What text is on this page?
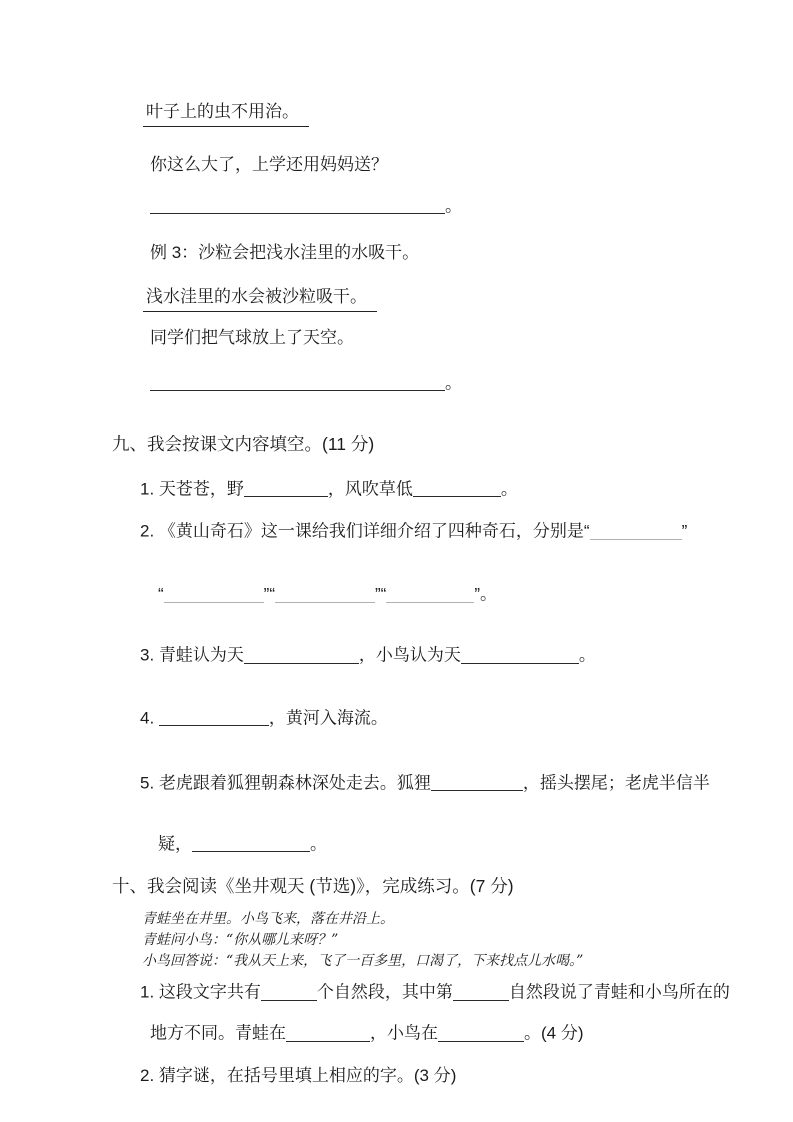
叶子上的虫不用治。

你这么大了，上学还用妈妈送？

。

例 3：沙粒会把浅水洼里的水吸干。

浅水洼里的水会被沙粒吸干。

同学们把气球放上了天空。

。

九、我会按课文内容填空。(11 分)

1. 天苍苍，野	，风吹草低	。

2. 《黄山奇石》这一课给我们详细介绍了四种奇石，分别是“	”

“	”“	”“	”。

3. 青蛙认为天	，小鸟认为天	。

4.	，黄河入海流。

5. 老虎跟着狐狸朝森林深处走去。狐狸	，摇头摆尾；老虎半信半

疑，	。

十、我会阅读《坐井观天 (节选)》，完成练习。(7 分)

青蛙坐在井里。小鸟飞来，落在井沿上。

青蛙问小鸟：“你从哪儿来呀？”

小鸟回答说：“我从天上来，飞了一百多里，口渴了，下来找点儿水喝。”

1. 这段文字共有	个自然段，其中第	自然段说了青蛙和小鸟所在的

地方不同。青蛙在	，小鸟在	。(4 分)

2. 猜字谜，在括号里填上相应的字。(3 分)
